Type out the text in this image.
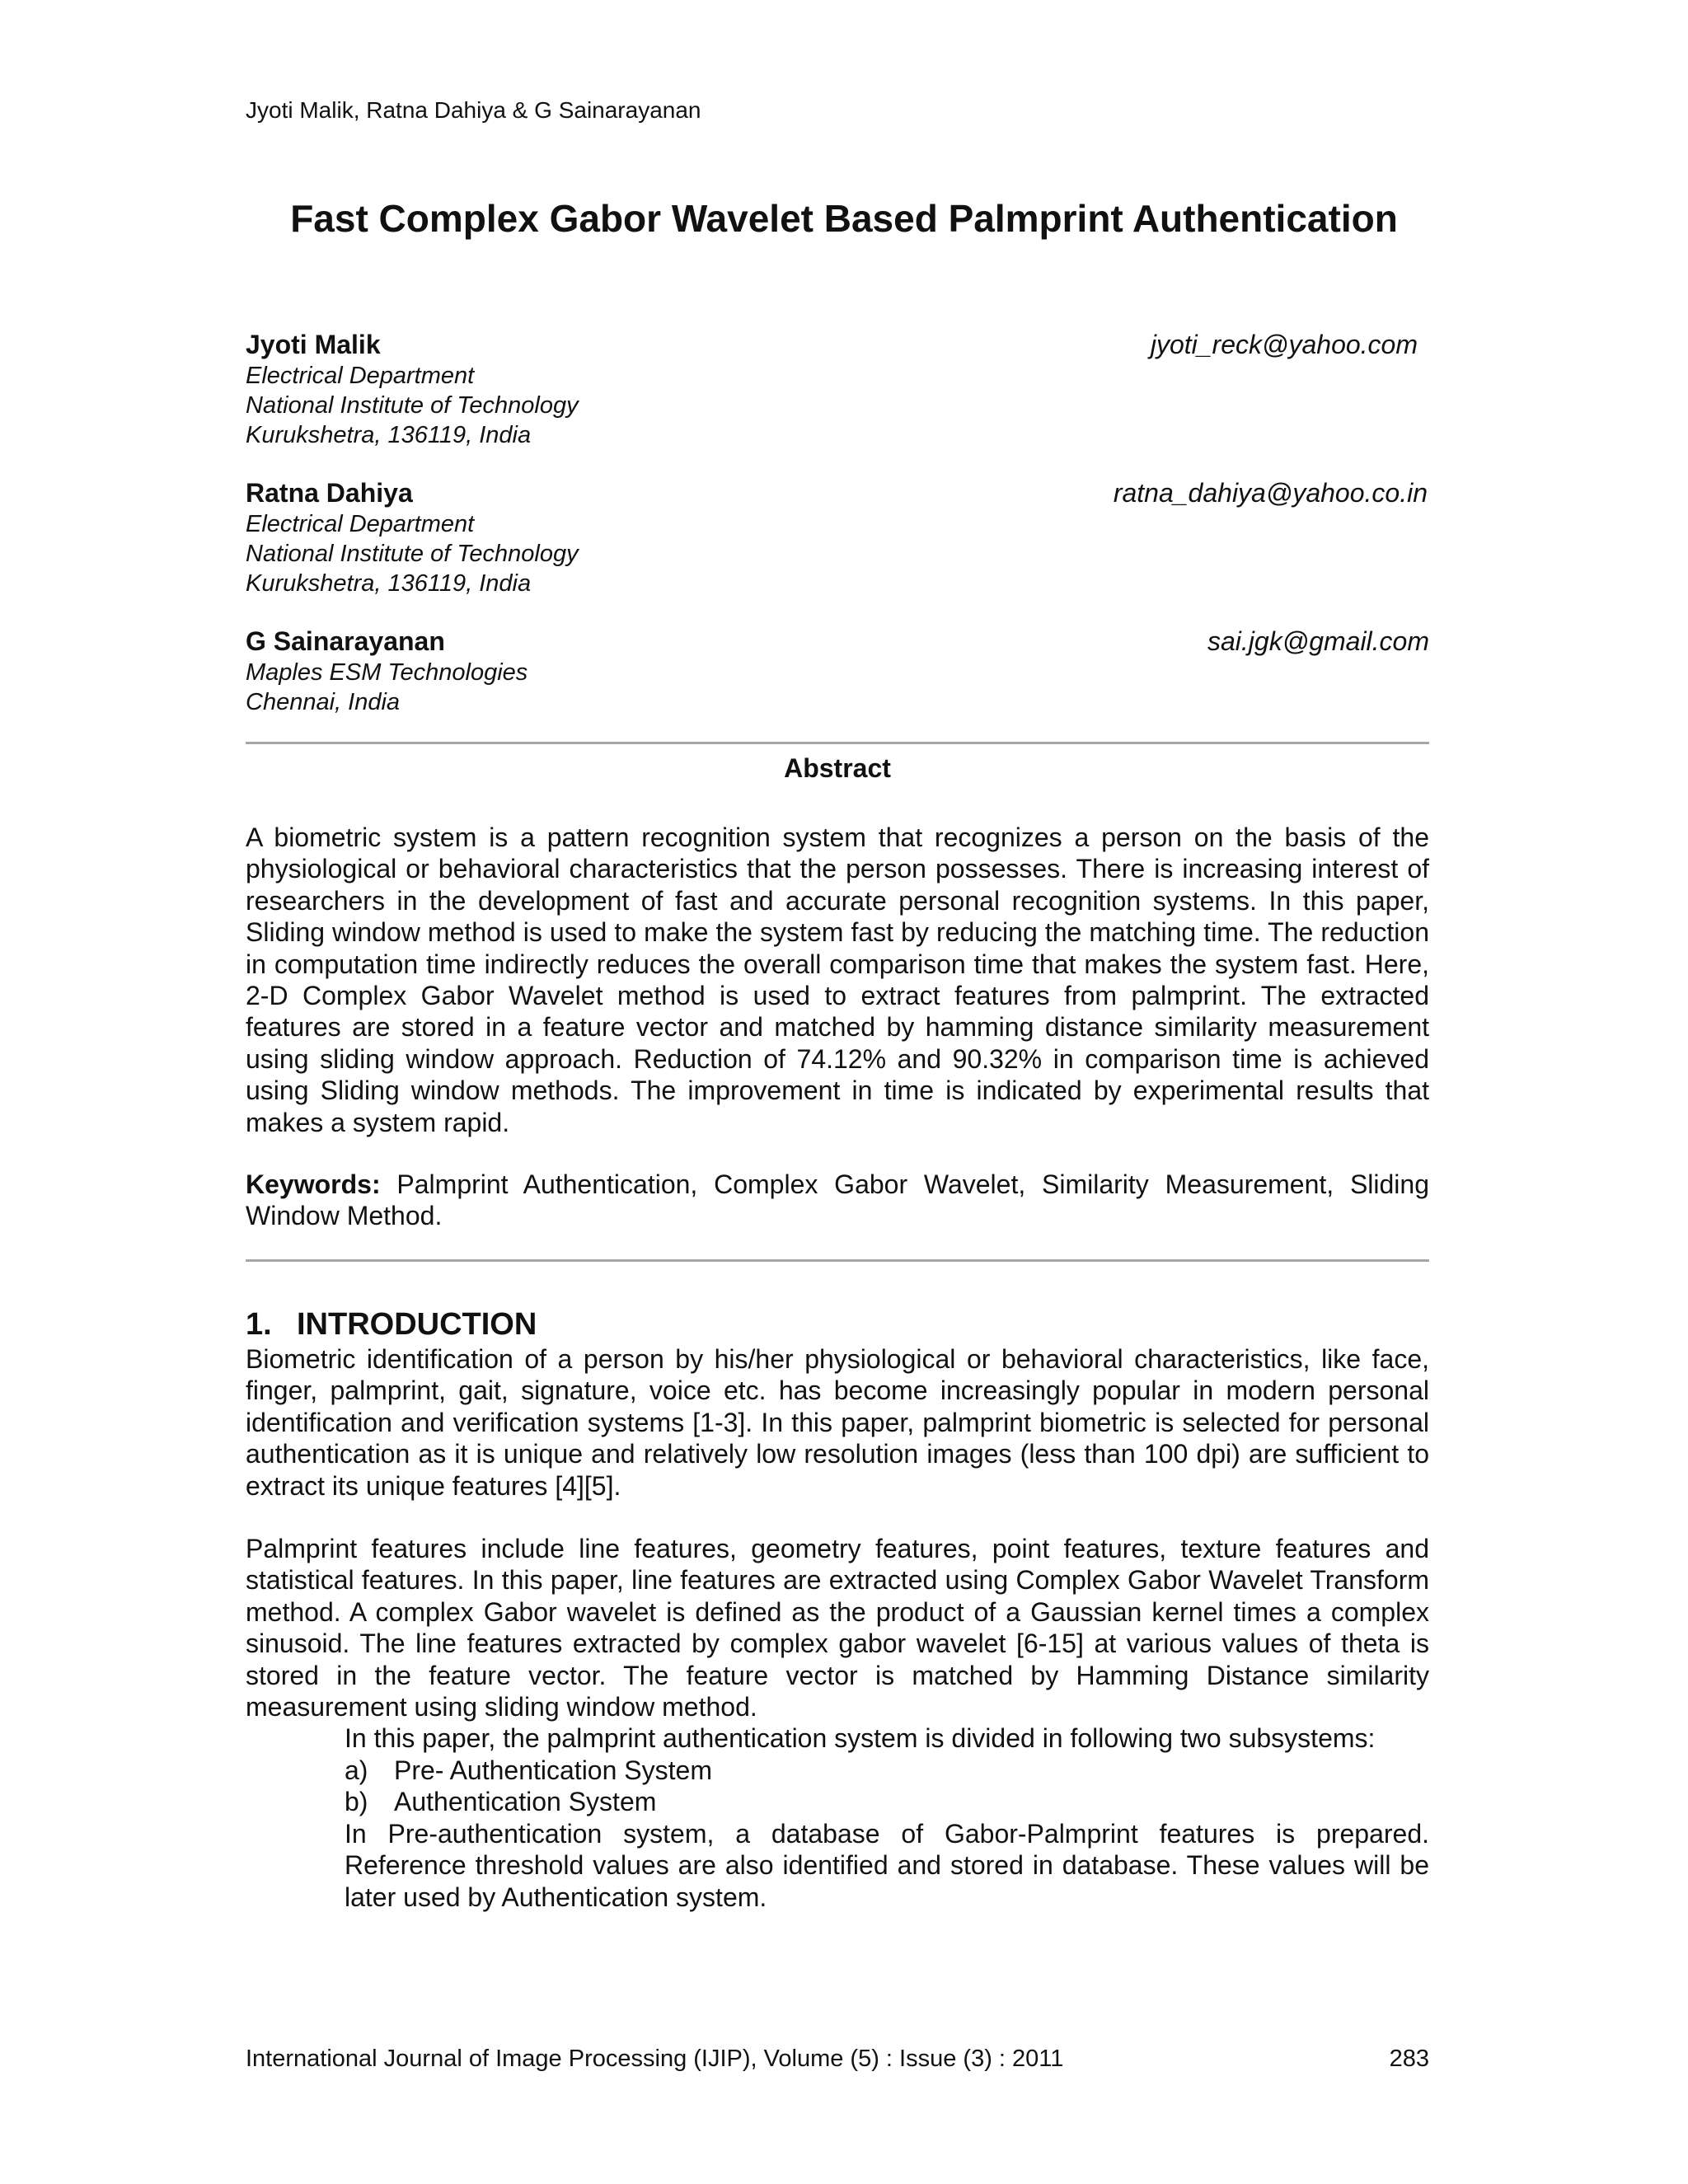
Jyoti Malik, Ratna Dahiya & G Sainarayanan
Fast Complex Gabor Wavelet Based Palmprint Authentication
Jyoti Malik
Electrical Department
National Institute of Technology
Kurukshetra, 136119, India
jyoti_reck@yahoo.com
Ratna Dahiya
Electrical Department
National Institute of Technology
Kurukshetra, 136119, India
ratna_dahiya@yahoo.co.in
G Sainarayanan
Maples ESM Technologies
Chennai, India
sai.jgk@gmail.com
Abstract

A biometric system is a pattern recognition system that recognizes a person on the basis of the physiological or behavioral characteristics that the person possesses. There is increasing interest of researchers in the development of fast and accurate personal recognition systems. In this paper, Sliding window method is used to make the system fast by reducing the matching time. The reduction in computation time indirectly reduces the overall comparison time that makes the system fast. Here, 2-D Complex Gabor Wavelet method is used to extract features from palmprint. The extracted features are stored in a feature vector and matched by hamming distance similarity measurement using sliding window approach. Reduction of 74.12% and 90.32% in comparison time is achieved using Sliding window methods. The improvement in time is indicated by experimental results that makes a system rapid.

Keywords: Palmprint Authentication, Complex Gabor Wavelet, Similarity Measurement, Sliding Window Method.

1. INTRODUCTION

Biometric identification of a person by his/her physiological or behavioral characteristics, like face, finger, palmprint, gait, signature, voice etc. has become increasingly popular in modern personal identification and verification systems [1-3]. In this paper, palmprint biometric is selected for personal authentication as it is unique and relatively low resolution images (less than 100 dpi) are sufficient to extract its unique features [4][5].

Palmprint features include line features, geometry features, point features, texture features and statistical features. In this paper, line features are extracted using Complex Gabor Wavelet Transform method. A complex Gabor wavelet is defined as the product of a Gaussian kernel times a complex sinusoid. The line features extracted by complex gabor wavelet [6-15] at various values of theta is stored in the feature vector. The feature vector is matched by Hamming Distance similarity measurement using sliding window method.

In this paper, the palmprint authentication system is divided in following two subsystems:
a) Pre- Authentication System
b) Authentication System

In Pre-authentication system, a database of Gabor-Palmprint features is prepared. Reference threshold values are also identified and stored in database. These values will be later used by Authentication system.

International Journal of Image Processing (IJIP), Volume (5) : Issue (3) : 2011	283
